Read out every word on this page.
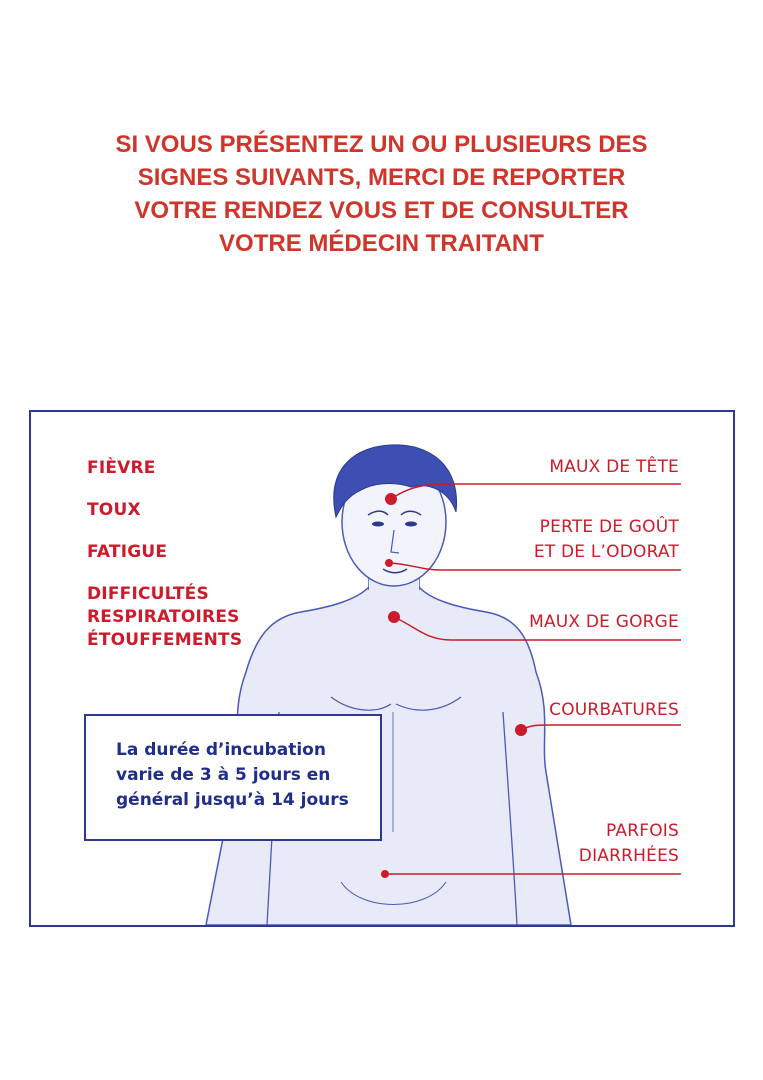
SI VOUS PRÉSENTEZ UN OU PLUSIEURS DES
SIGNES SUIVANTS, MERCI DE REPORTER
VOTRE RENDEZ VOUS ET DE CONSULTER
VOTRE MÉDECIN TRAITANT
FIÈVRE
TOUX
FATIGUE
DIFFICULTÉS
RESPIRATOIRES
ÉTOUFFEMENTS
MAUX DE TÊTE
PERTE DE GOÛT
ET DE L’ODORAT
MAUX DE GORGE
COURBATURES
PARFOIS
DIARRHÉES
La durée d’incubation
varie de 3 à 5 jours en
général jusqu’à 14 jours
